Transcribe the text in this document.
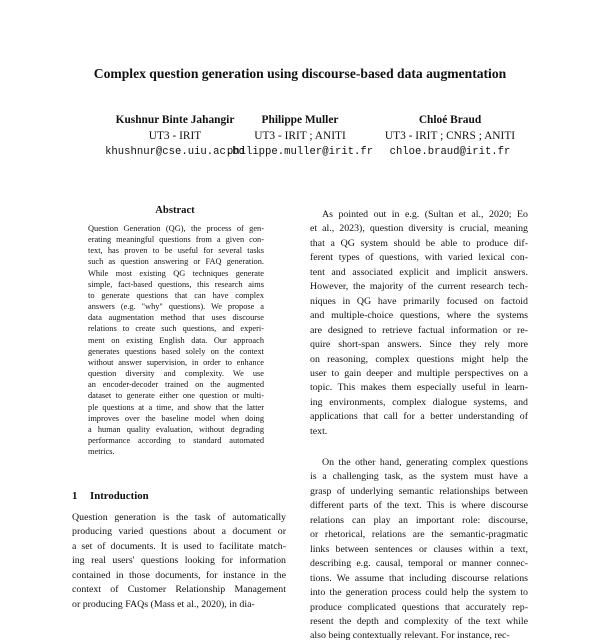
Complex question generation using discourse-based data augmentation
Kushnur Binte Jahangir
UT3 - IRIT
khushnur@cse.uiu.ac.bd
Philippe Muller
UT3 - IRIT ; ANITI
philippe.muller@irit.fr
Chloé Braud
UT3 - IRIT ; CNRS ; ANITI
chloe.braud@irit.fr
Abstract
Question Generation (QG), the process of gen-
erating meaningful questions from a given con-
text, has proven to be useful for several tasks
such as question answering or FAQ generation.
While most existing QG techniques generate
simple, fact-based questions, this research aims
to generate questions that can have complex
answers (e.g. "why" questions). We propose a
data augmentation method that uses discourse
relations to create such questions, and experi-
ment on existing English data. Our approach
generates questions based solely on the context
without answer supervision, in order to enhance
question diversity and complexity. We use
an encoder-decoder trained on the augmented
dataset to generate either one question or multi-
ple questions at a time, and show that the latter
improves over the baseline model when doing
a human quality evaluation, without degrading
performance according to standard automated
metrics.
1 Introduction
Question generation is the task of automatically
producing varied questions about a document or
a set of documents. It is used to facilitate match-
ing real users' questions looking for information
contained in those documents, for instance in the
context of Customer Relationship Management
or producing FAQs (Mass et al., 2020), in dia-
As pointed out in e.g. (Sultan et al., 2020; Eo
et al., 2023), question diversity is crucial, meaning
that a QG system should be able to produce dif-
ferent types of questions, with varied lexical con-
tent and associated explicit and implicit answers.
However, the majority of the current research tech-
niques in QG have primarily focused on factoid
and multiple-choice questions, where the systems
are designed to retrieve factual information or re-
quire short-span answers. Since they rely more
on reasoning, complex questions might help the
user to gain deeper and multiple perspectives on a
topic. This makes them especially useful in learn-
ing environments, complex dialogue systems, and
applications that call for a better understanding of
text.
On the other hand, generating complex questions
is a challenging task, as the system must have a
grasp of underlying semantic relationships between
different parts of the text. This is where discourse
relations can play an important role: discourse,
or rhetorical, relations are the semantic-pragmatic
links between sentences or clauses within a text,
describing e.g. causal, temporal or manner connec-
tions. We assume that including discourse relations
into the generation process could help the system to
produce complicated questions that accurately rep-
resent the depth and complexity of the text while
also being contextually relevant. For instance, rec-
